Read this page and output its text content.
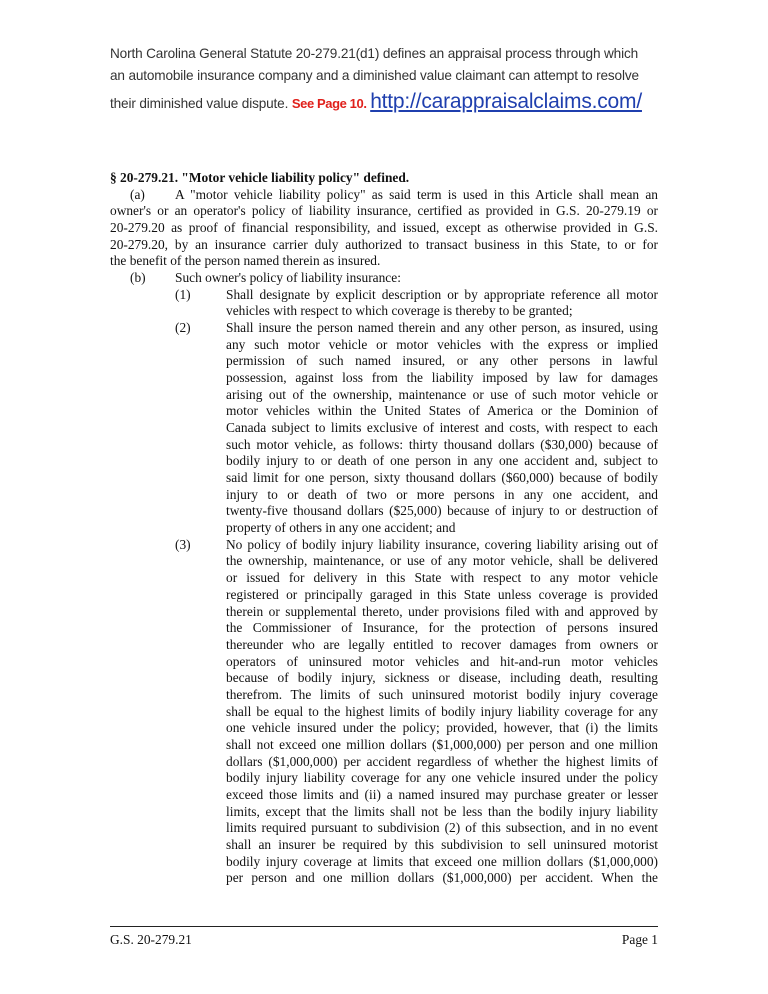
North Carolina General Statute 20-279.21(d1) defines an appraisal process through which
an automobile insurance company and a diminished value claimant can attempt to resolve
their diminished value dispute. See Page 10. http://carappraisalclaims.com/
§ 20-279.21. "Motor vehicle liability policy" defined.
(a)	A "motor vehicle liability policy" as said term is used in this Article shall mean an
owner's or an operator's policy of liability insurance, certified as provided in G.S. 20-279.19 or
20-279.20 as proof of financial responsibility, and issued, except as otherwise provided in G.S.
20-279.20, by an insurance carrier duly authorized to transact business in this State, to or for
the benefit of the person named therein as insured.
(b)	Such owner's policy of liability insurance:
(1)	Shall designate by explicit description or by appropriate reference all motor
vehicles with respect to which coverage is thereby to be granted;
(2)	Shall insure the person named therein and any other person, as insured, using
any such motor vehicle or motor vehicles with the express or implied
permission of such named insured, or any other persons in lawful
possession, against loss from the liability imposed by law for damages
arising out of the ownership, maintenance or use of such motor vehicle or
motor vehicles within the United States of America or the Dominion of
Canada subject to limits exclusive of interest and costs, with respect to each
such motor vehicle, as follows: thirty thousand dollars ($30,000) because of
bodily injury to or death of one person in any one accident and, subject to
said limit for one person, sixty thousand dollars ($60,000) because of bodily
injury to or death of two or more persons in any one accident, and
twenty-five thousand dollars ($25,000) because of injury to or destruction of
property of others in any one accident; and
(3)	No policy of bodily injury liability insurance, covering liability arising out of
the ownership, maintenance, or use of any motor vehicle, shall be delivered
or issued for delivery in this State with respect to any motor vehicle
registered or principally garaged in this State unless coverage is provided
therein or supplemental thereto, under provisions filed with and approved by
the Commissioner of Insurance, for the protection of persons insured
thereunder who are legally entitled to recover damages from owners or
operators of uninsured motor vehicles and hit-and-run motor vehicles
because of bodily injury, sickness or disease, including death, resulting
therefrom. The limits of such uninsured motorist bodily injury coverage
shall be equal to the highest limits of bodily injury liability coverage for any
one vehicle insured under the policy; provided, however, that (i) the limits
shall not exceed one million dollars ($1,000,000) per person and one million
dollars ($1,000,000) per accident regardless of whether the highest limits of
bodily injury liability coverage for any one vehicle insured under the policy
exceed those limits and (ii) a named insured may purchase greater or lesser
limits, except that the limits shall not be less than the bodily injury liability
limits required pursuant to subdivision (2) of this subsection, and in no event
shall an insurer be required by this subdivision to sell uninsured motorist
bodily injury coverage at limits that exceed one million dollars ($1,000,000)
per person and one million dollars ($1,000,000) per accident. When the
G.S. 20-279.21	Page 1
